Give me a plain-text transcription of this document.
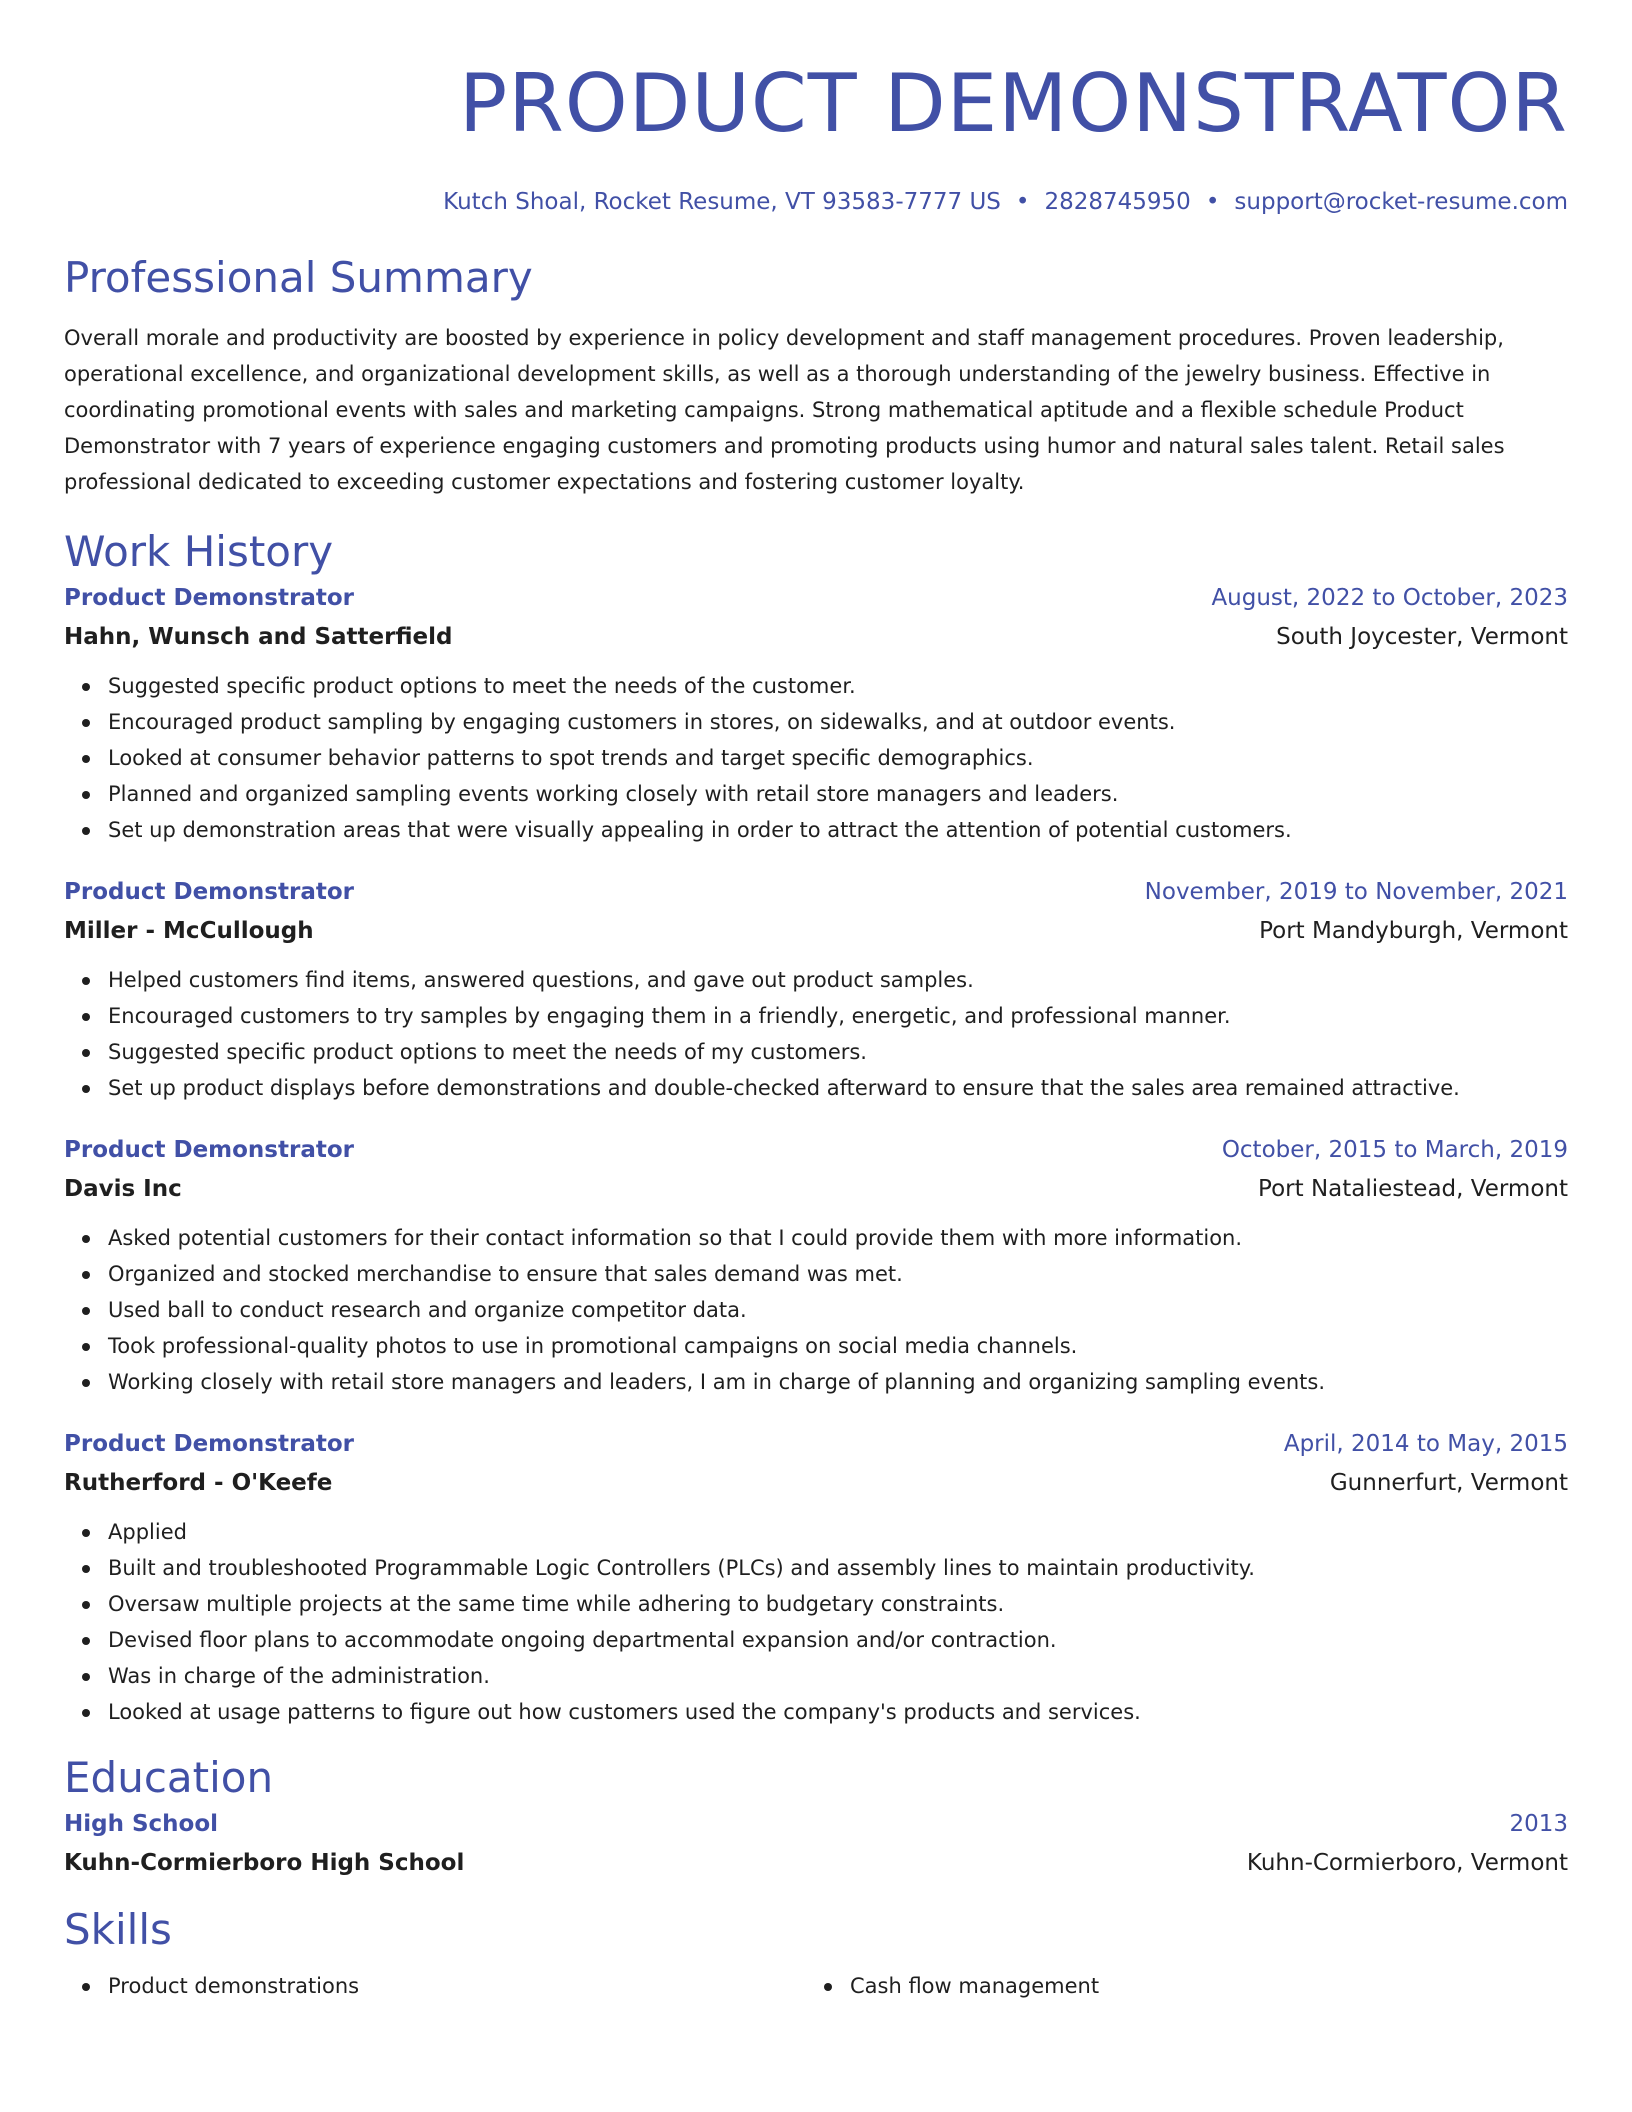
PRODUCT DEMONSTRATOR
Kutch Shoal, Rocket Resume, VT 93583-7777 US • 2828745950 • support@rocket-resume.com
Professional Summary
Overall morale and productivity are boosted by experience in policy development and staff management procedures. Proven leadership, operational excellence, and organizational development skills, as well as a thorough understanding of the jewelry business. Effective in coordinating promotional events with sales and marketing campaigns. Strong mathematical aptitude and a flexible schedule Product Demonstrator with 7 years of experience engaging customers and promoting products using humor and natural sales talent. Retail sales professional dedicated to exceeding customer expectations and fostering customer loyalty.
Work History
Product Demonstrator	August, 2022 to October, 2023
Hahn, Wunsch and Satterfield	South Joycester, Vermont
Suggested specific product options to meet the needs of the customer.
Encouraged product sampling by engaging customers in stores, on sidewalks, and at outdoor events.
Looked at consumer behavior patterns to spot trends and target specific demographics.
Planned and organized sampling events working closely with retail store managers and leaders.
Set up demonstration areas that were visually appealing in order to attract the attention of potential customers.
Product Demonstrator	November, 2019 to November, 2021
Miller - McCullough	Port Mandyburgh, Vermont
Helped customers find items, answered questions, and gave out product samples.
Encouraged customers to try samples by engaging them in a friendly, energetic, and professional manner.
Suggested specific product options to meet the needs of my customers.
Set up product displays before demonstrations and double-checked afterward to ensure that the sales area remained attractive.
Product Demonstrator	October, 2015 to March, 2019
Davis Inc	Port Nataliestead, Vermont
Asked potential customers for their contact information so that I could provide them with more information.
Organized and stocked merchandise to ensure that sales demand was met.
Used ball to conduct research and organize competitor data.
Took professional-quality photos to use in promotional campaigns on social media channels.
Working closely with retail store managers and leaders, I am in charge of planning and organizing sampling events.
Product Demonstrator	April, 2014 to May, 2015
Rutherford - O'Keefe	Gunnerfurt, Vermont
Applied
Built and troubleshooted Programmable Logic Controllers (PLCs) and assembly lines to maintain productivity.
Oversaw multiple projects at the same time while adhering to budgetary constraints.
Devised floor plans to accommodate ongoing departmental expansion and/or contraction.
Was in charge of the administration.
Looked at usage patterns to figure out how customers used the company's products and services.
Education
High School	2013
Kuhn-Cormierboro High School	Kuhn-Cormierboro, Vermont
Skills
Product demonstrations	Cash flow management
